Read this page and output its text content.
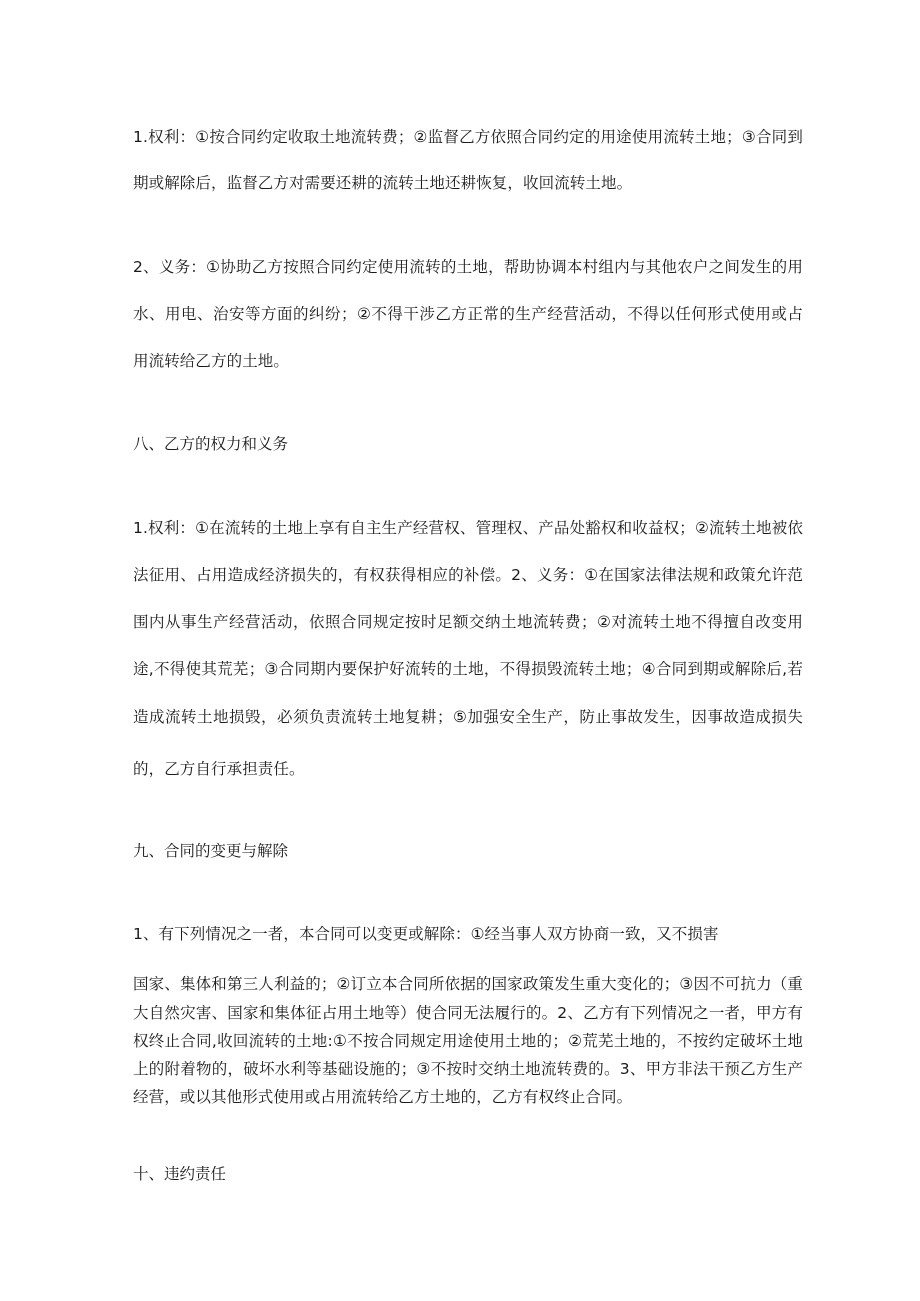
1.权利：①按合同约定收取土地流转费；②监督乙方依照合同约定的用途使用流转土地；③合同到
期或解除后，监督乙方对需要还耕的流转土地还耕恢复，收回流转土地。
2、义务：①协助乙方按照合同约定使用流转的土地，帮助协调本村组内与其他农户之间发生的用
水、用电、治安等方面的纠纷；②不得干涉乙方正常的生产经营活动，不得以任何形式使用或占
用流转给乙方的土地。
八、乙方的权力和义务
1.权利：①在流转的土地上享有自主生产经营权、管理权、产品处豁权和收益权；②流转土地被依
法征用、占用造成经济损失的，有权获得相应的补偿。2、义务：①在国家法律法规和政策允许范
围内从事生产经营活动，依照合同规定按时足额交纳土地流转费；②对流转土地不得擅自改变用
途,不得使其荒芜；③合同期内要保护好流转的土地，不得损毁流转土地；④合同到期或解除后,若
造成流转土地损毁，必须负责流转土地复耕；⑤加强安全生产，防止事故发生，因事故造成损失
的，乙方自行承担责任。
九、合同的变更与解除
1、有下列情况之一者，本合同可以变更或解除：①经当事人双方协商一致，又不损害
国家、集体和第三人利益的；②订立本合同所依据的国家政策发生重大变化的；③因不可抗力（重
大自然灾害、国家和集体征占用土地等）使合同无法履行的。2、乙方有下列情况之一者，甲方有
权终止合同,收回流转的土地:①不按合同规定用途使用土地的；②荒芜土地的，不按约定破坏土地
上的附着物的，破坏水利等基础设施的；③不按时交纳土地流转费的。3、甲方非法干预乙方生产
经营，或以其他形式使用或占用流转给乙方土地的，乙方有权终止合同。
十、违约责任
